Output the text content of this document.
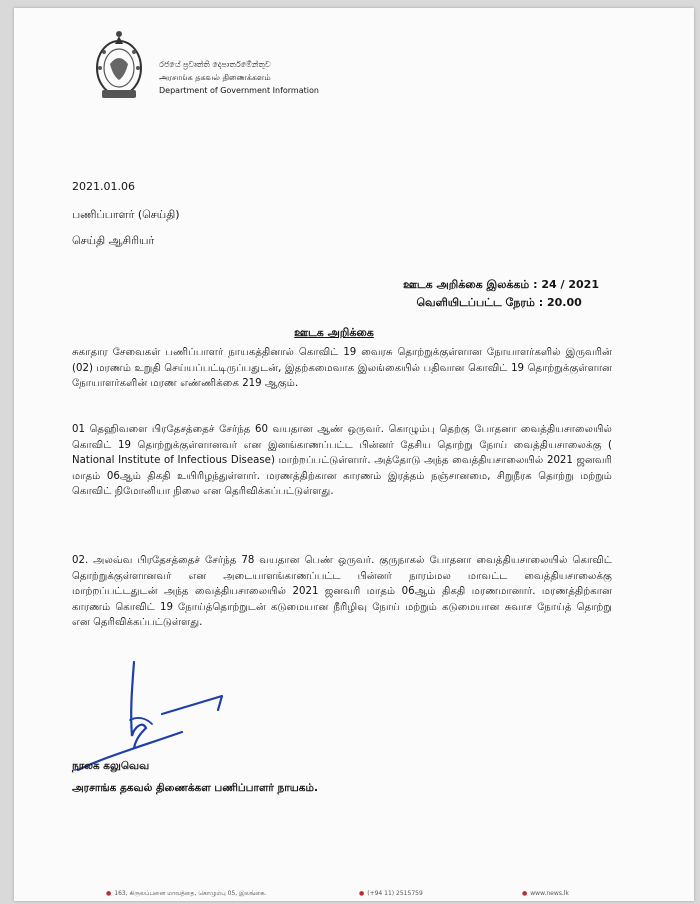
රජයේ ප්‍රවෘත්ති දෙපාර්තමේන්තුව
அரசாங்க தகவல் திணைக்களம்
Department of Government Information
2021.01.06
பணிப்பாளர் (செய்தி)
செய்தி ஆசிரியர்
ஊடக அறிக்கை இலக்கம் : 24 / 2021
வெளியிடப்பட்ட நேரம் : 20.00
ஊடக அறிக்கை
சுகாதார சேவைகள் பணிப்பாளர் நாயகத்தினால் கொவிட் 19 வைரசு தொற்றுக்குள்ளான நோயாளர்களில் இருவரின் (02) மரணம் உறுதி செய்யப்பட்டிருப்பதுடன், இதற்கமைவாக இலங்கையில் பதிவான கொவிட் 19 தொற்றுக்குள்ளான நோயாளர்களின் மரண எண்ணிக்கை 219 ஆகும்.
01 தெஹிவளை பிரதேசத்தைச் சேர்ந்த 60 வயதான ஆண் ஒருவர். கொழும்பு தெற்கு போதனா வைத்தியசாலையில் கொவிட் 19 தொற்றுக்குள்ளானவர் என இனங்காணப்பட்ட பின்னர் தேசிய தொற்று நோய் வைத்தியசாலைக்கு ( National Institute of Infectious Disease) மாற்றப்பட்டுள்ளார். அத்தோடு அந்த வைத்தியசாலையில் 2021 ஜனவரி மாதம் 06ஆம் திகதி உயிரிழந்துள்ளார். மரணத்திற்கான காரணம் இரத்தம் நஞ்சானமை, சிறுநீரக தொற்று மற்றும் கொவிட் நிமோனியா நிலை என தெரிவிக்கப்பட்டுள்ளது.
02. அலவ்வ பிரதேசத்தைச் சேர்ந்த 78 வயதான பெண் ஒருவர். குருநாகல் போதனா வைத்தியசாலையில் கொவிட் தொற்றுக்குள்ளானவர் என அடையாளங்காணப்பட்ட பின்னர் நாரம்மல மாவட்ட வைத்தியசாலைக்கு மாற்றப்பட்டதுடன் அந்த வைத்தியசாலையில் 2021 ஜனவரி மாதம் 06ஆம் திகதி மரணமானார். மரணத்திற்கான காரணம் கொவிட் 19 நோய்த்தொற்றுடன் கடுமையான நீரிழிவு நோய் மற்றும் கடுமையான சுவாச நோய்த் தொற்று என தெரிவிக்கப்பட்டுள்ளது.
நாலக கலுவெவ
அரசாங்க தகவல் திணைக்கள பணிப்பாளர் நாயகம்.
● 163, கிருலப்பனை மாவத்தை, கொழும்பு 05, இலங்கை.	● (+94 11) 2515759	● www.news.lk
